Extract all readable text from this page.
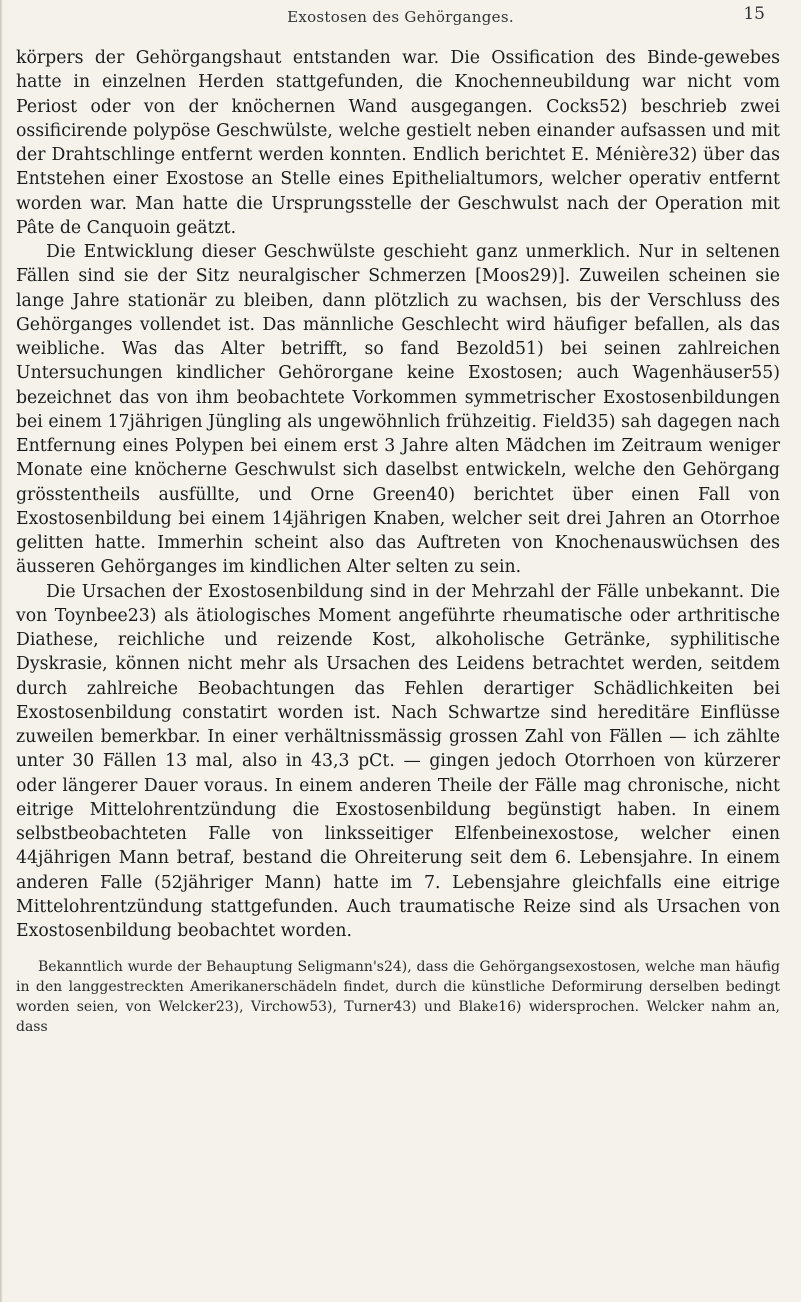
Exostosen des Gehörganges.	15

körpers der Gehörgangshaut entstanden war. Die Ossification des Binde-gewebes hatte in einzelnen Herden stattgefunden, die Knochenneubildung war nicht vom Periost oder von der knöchernen Wand ausgegangen. Cocks52) beschrieb zwei ossificirende polypöse Geschwülste, welche gestielt neben einander aufsassen und mit der Drahtschlinge entfernt werden konnten. Endlich berichtet E. Ménière32) über das Entstehen einer Exostose an Stelle eines Epithelialtumors, welcher operativ entfernt worden war. Man hatte die Ursprungsstelle der Geschwulst nach der Operation mit Pâte de Canquoin geätzt.

Die Entwicklung dieser Geschwülste geschieht ganz unmerklich. Nur in seltenen Fällen sind sie der Sitz neuralgischer Schmerzen [Moos29)]. Zuweilen scheinen sie lange Jahre stationär zu bleiben, dann plötzlich zu wachsen, bis der Verschluss des Gehörganges vollendet ist. Das männliche Geschlecht wird häufiger befallen, als das weibliche. Was das Alter betrifft, so fand Bezold51) bei seinen zahlreichen Untersuchungen kindlicher Gehörorgane keine Exostosen; auch Wagenhäuser55) bezeichnet das von ihm beobachtete Vorkommen symmetrischer Exostosenbildungen bei einem 17jährigen Jüngling als ungewöhnlich frühzeitig. Field35) sah dagegen nach Entfernung eines Polypen bei einem erst 3 Jahre alten Mädchen im Zeitraum weniger Monate eine knöcherne Geschwulst sich daselbst entwickeln, welche den Gehörgang grösstentheils ausfüllte, und Orne Green40) berichtet über einen Fall von Exostosenbildung bei einem 14jährigen Knaben, welcher seit drei Jahren an Otorrhoe gelitten hatte. Immerhin scheint also das Auftreten von Knochenauswüchsen des äusseren Gehörganges im kindlichen Alter selten zu sein.

Die Ursachen der Exostosenbildung sind in der Mehrzahl der Fälle unbekannt. Die von Toynbee23) als ätiologisches Moment angeführte rheumatische oder arthritische Diathese, reichliche und reizende Kost, alkoholische Getränke, syphilitische Dyskrasie, können nicht mehr als Ursachen des Leidens betrachtet werden, seitdem durch zahlreiche Beobachtungen das Fehlen derartiger Schädlichkeiten bei Exostosenbildung constatirt worden ist. Nach Schwartze sind hereditäre Einflüsse zuweilen bemerkbar. In einer verhältnissmässig grossen Zahl von Fällen — ich zählte unter 30 Fällen 13 mal, also in 43,3 pCt. — gingen jedoch Otorrhoen von kürzerer oder längerer Dauer voraus. In einem anderen Theile der Fälle mag chronische, nicht eitrige Mittelohrentzündung die Exostosenbildung begünstigt haben. In einem selbstbeobachteten Falle von linksseitiger Elfenbeinexostose, welcher einen 44jährigen Mann betraf, bestand die Ohreiterung seit dem 6. Lebensjahre. In einem anderen Falle (52jähriger Mann) hatte im 7. Lebensjahre gleichfalls eine eitrige Mittelohrentzündung stattgefunden. Auch traumatische Reize sind als Ursachen von Exostosenbildung beobachtet worden.

Bekanntlich wurde der Behauptung Seligmann's24), dass die Gehörgangsexostosen, welche man häufig in den langgestreckten Amerikanerschädeln findet, durch die künstliche Deformirung derselben bedingt worden seien, von Welcker23), Virchow53), Turner43) und Blake16) widersprochen. Welcker nahm an, dass
